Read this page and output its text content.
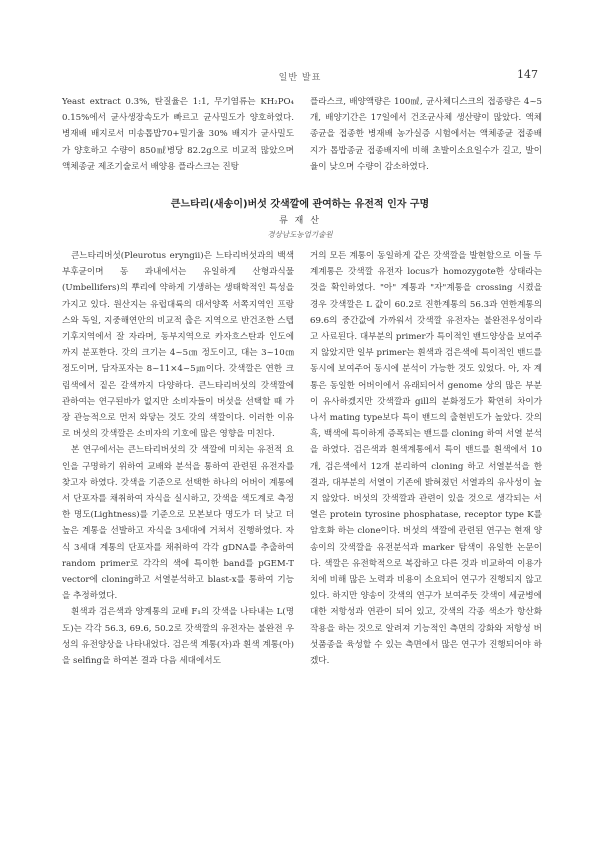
일반 발표	147

Yeast extract 0.3%, 탄질율은 1:1, 무기염류는 KH₂PO₄ 0.15%에서 균사생장속도가 빠르고 균사밀도가 양호하였다. 병재배 배지로서 미송톱밥70+밀기울 30% 배지가 균사밀도가 양호하고 수량이 850㎖병당 82.2g으로 비교적 많았으며 액체종균 제조기술로서 배양용 플라스크는 진탕

플라스크, 배양액량은 100㎖, 균사체디스크의 접종량은 4~5개, 배양기간은 17일에서 건조균사체 생산량이 많았다. 액체종균을 접종한 병재배 농가실증 시험에서는 액체종균 접종배지가 톱밥종균 접종배지에 비해 초발이소요일수가 길고, 발이율이 낮으며 수량이 감소하였다.

큰느타리(새송이)버섯 갓색깔에 관여하는 유전적 인자 구명
류 재 산
경상남도농업기술원

큰느타리버섯(Pleurotus eryngii)은 느타리버섯과의 백색부후균이며 동 과내에서는 유일하게 산형과식물(Umbellifers)의 뿌리에 약하게 기생하는 생태학적인 특성을 가지고 있다. 원산지는 유럽대륙의 대서양쪽 서쪽지역인 프랑스와 독일, 지중해연안의 비교적 춥은 지역으로 반건조한 스텝기후지역에서 잘 자라며, 동부지역으로 카자흐스탄과 인도에까지 분포한다. 갓의 크기는 4~5㎝ 정도이고, 대는 3~10㎝ 정도이며, 담자포자는 8~11×4~5㎛이다. 갓색깔은 연한 크림색에서 짙은 갈색까지 다양하다. 큰느타리버섯의 갓색깔에 관하여는 연구된바가 없지만 소비자들이 버섯을 선택할 때 가장 관능적으로 먼저 와닿는 것도 갓의 색깔이다. 이러한 이유로 버섯의 갓색깔은 소비자의 기호에 많은 영향을 미친다.

본 연구에서는 큰느타리버섯의 갓 색깔에 미치는 유전적 요인을 구명하기 위하여 교배와 분석을 통하여 관련된 유전자를 찾고자 하였다. 갓색을 기준으로 선택한 하나의 어버이 계통에서 단포자를 채취하여 자식을 실시하고, 갓색을 색도계로 측정한 명도(Lightness)를 기준으로 모본보다 명도가 더 낮고 더 높은 계통을 선발하고 자식을 3세대에 거쳐서 진행하였다. 자식 3세대 계통의 단포자를 채취하여 각각 gDNA를 추출하여 random primer로 각각의 색에 특이한 band를 pGEM-T vector에 cloning하고 서열분석하고 blast-x를 통하여 기능을 추정하였다.

흰색과 검은색과 양계통의 교배 F₁의 갓색을 나타내는 L(명도)는 각각 56.3, 69.6, 50.2로 갓색깔의 유전자는 불완전 우성의 유전양상을 나타내었다. 검은색 계통(자)과 흰색 계통(아)을 selfing을 하여본 결과 다음 세대에서도

거의 모든 계통이 동일하게 같은 갓색깔을 발현함으로 이들 두계계통은 갓색깔 유전자 locus가 homozygote한 상태라는 것을 확인하였다. "아" 계통과 "자"계통을 crossing 시켰을 경우 갓색깔은 L 값이 60.2로 진한계통의 56.3과 연한계통의 69.6의 중간값에 가까워서 갓색깔 유전자는 불완전우성이라고 사료된다. 대부분의 primer가 특이적인 밴드양상을 보여주지 않았지만 일부 primer는 흰색과 검은색에 특이적인 밴드를 동시에 보여주어 동시에 분석이 가능한 것도 있었다. 아, 자 계통은 동일한 어버이에서 유래되어서 genome 상의 많은 부분이 유사하겠지만 갓색깔과 gill의 분화정도가 확연히 차이가 나서 mating type보다 특이 밴드의 출현빈도가 높았다. 갓의 흑, 백색에 특이하게 증폭되는 밴드를 cloning 하여 서열 분석을 하였다. 검은색과 흰색계통에서 특이 밴드를 흰색에서 10개, 검은색에서 12개 분리하여 cloning 하고 서열분석을 한 결과, 대부분의 서열이 기존에 밝혀졌던 서열과의 유사성이 높지 않았다. 버섯의 갓색깔과 관련이 있을 것으로 생각되는 서열은 protein tyrosine phosphatase, receptor type K를 암호화 하는 clone이다. 버섯의 색깔에 관련된 연구는 현재 양송이의 갓색깔을 유전분석과 marker 탐색이 유일한 논문이다. 색깔은 유전학적으로 복잡하고 다른 것과 비교하여 이용가치에 비해 많은 노력과 비용이 소요되어 연구가 진행되지 않고 있다. 하지만 양송이 갓색의 연구가 보여주듯 갓색이 세균병에 대한 저항성과 연관이 되어 있고, 갓색의 각종 색소가 항산화작용을 하는 것으로 알려져 기능적인 측면의 강화와 저항성 버섯품종을 육성할 수 있는 측면에서 많은 연구가 진행되어야 하겠다.
